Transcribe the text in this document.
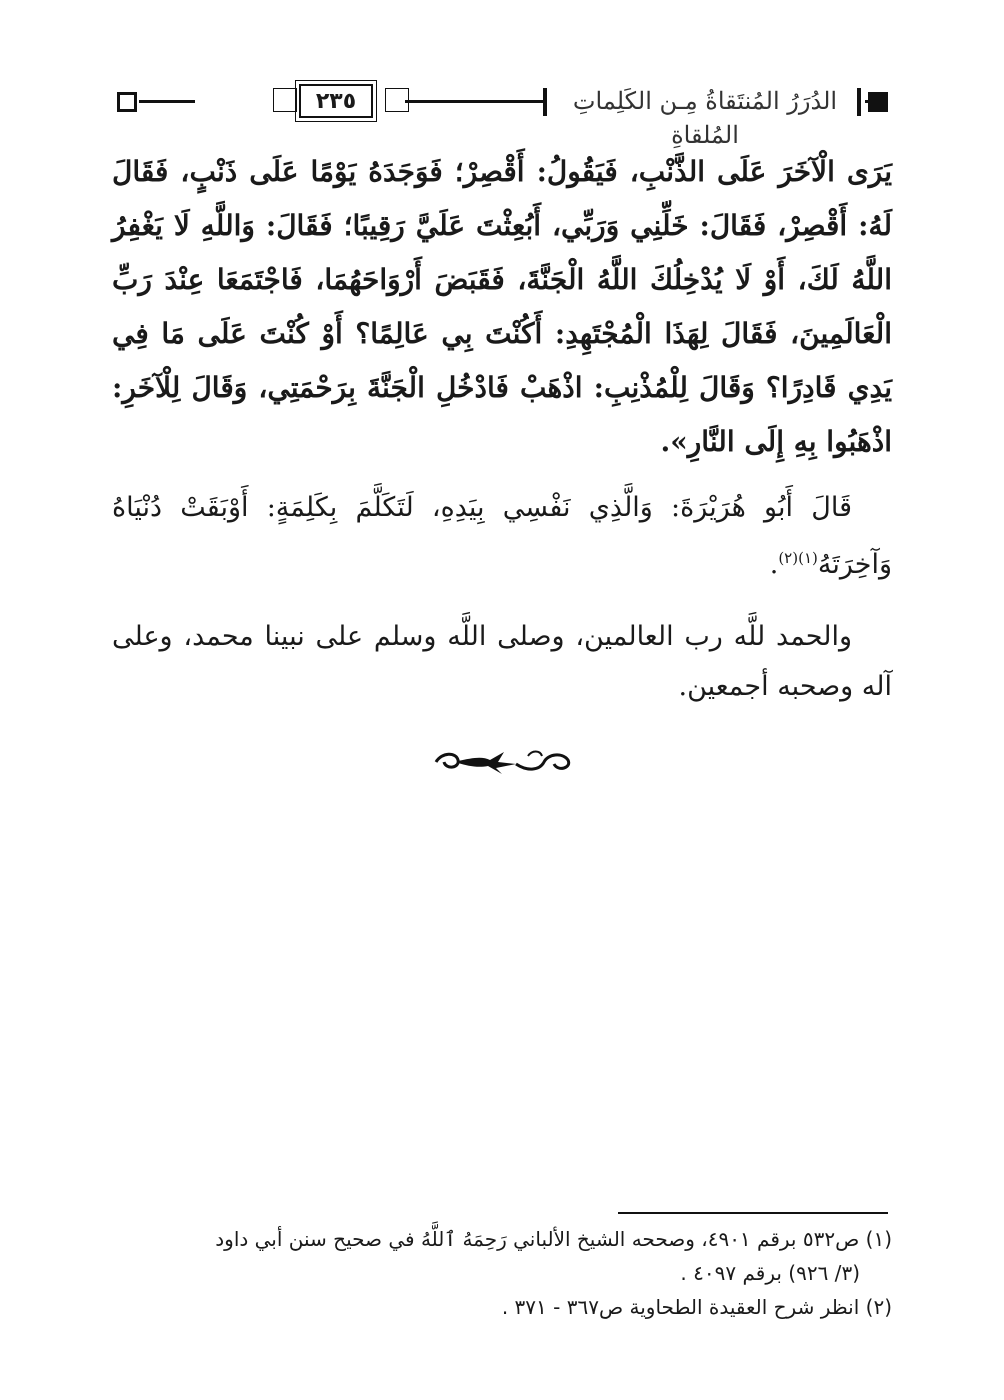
٢٣٥	الدُرَرُ المُنتَقاةُ مِـن الكَلِماتِ المُلقاةِ

يَرَى الْآخَرَ عَلَى الذَّنْبِ، فَيَقُولُ: أَقْصِرْ؛ فَوَجَدَهُ يَوْمًا عَلَى ذَنْبٍ، فَقَالَ لَهُ: أَقْصِرْ، فَقَالَ: خَلِّنِي وَرَبِّي، أَبُعِثْتَ عَلَيَّ رَقِيبًا؛ فَقَالَ: وَاللَّهِ لَا يَغْفِرُ اللَّهُ لَكَ، أَوْ لَا يُدْخِلُكَ اللَّهُ الْجَنَّةَ، فَقَبَضَ أَرْوَاحَهُمَا، فَاجْتَمَعَا عِنْدَ رَبِّ الْعَالَمِينَ، فَقَالَ لِهَذَا الْمُجْتَهِدِ: أَكُنْتَ بِي عَالِمًا؟ أَوْ كُنْتَ عَلَى مَا فِي يَدِي قَادِرًا؟ وَقَالَ لِلْمُذْنِبِ: اذْهَبْ فَادْخُلِ الْجَنَّةَ بِرَحْمَتِي، وَقَالَ لِلْآخَرِ: اذْهَبُوا بِهِ إِلَى النَّارِ».

قَالَ أَبُو هُرَيْرَةَ: وَالَّذِي نَفْسِي بِيَدِهِ، لَتَكَلَّمَ بِكَلِمَةٍ: أَوْبَقَتْ دُنْيَاهُ وَآخِرَتَهُ$^{(١)(٢)}$.

والحمد للَّه رب العالمين، وصلى اللَّه وسلم على نبينا محمد، وعلى آله وصحبه أجمعين.

(١) ص٥٣٢ برقم ٤٩٠١، وصححه الشيخ الألباني رَحِمَهُ ٱللَّهُ في صحيح سنن أبي داود

(٣/ ٩٢٦) برقم ٤٠٩٧ .

(٢) انظر شرح العقيدة الطحاوية ص٣٦٧ - ٣٧١ .
